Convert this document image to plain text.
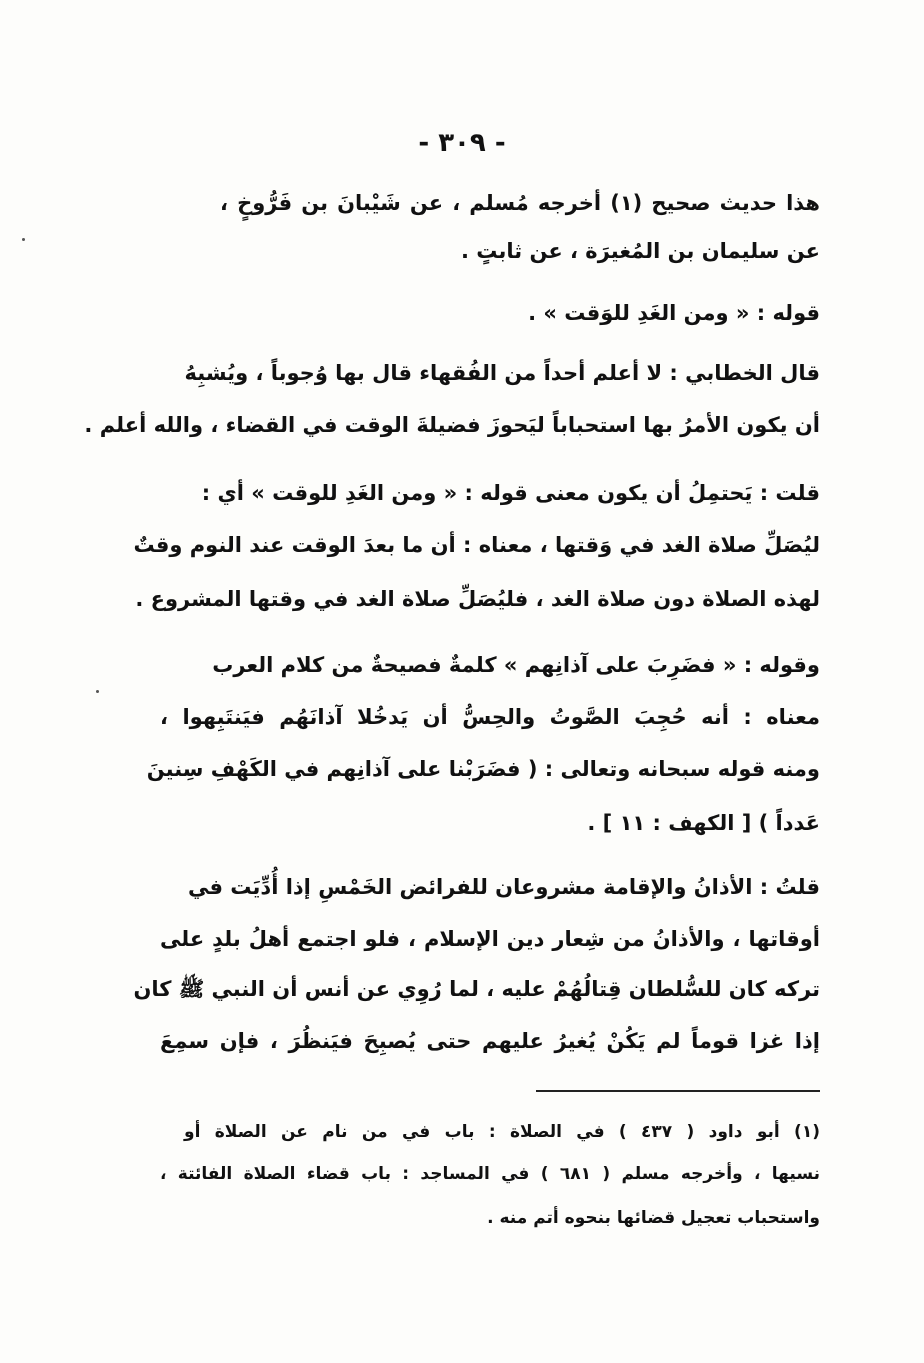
- ٣٠٩ -
هذا حديث صحيح (١) أخرجه مُسلم ، عن شَيْبانَ بن فَرُّوخٍ ،
عن سليمان بن المُغيرَة ، عن ثابتٍ .
قوله : « ومن الغَدِ للوَقت » .
قال الخطابي : لا أعلم أحداً من الفُقهاء قال بها وُجوباً ، ويُشبِهُ
أن يكون الأمرُ بها استحباباً ليَحوزَ فضيلةَ الوقت في القضاء ، والله أعلم .
قلت : يَحتمِلُ أن يكون معنى قوله : « ومن الغَدِ للوقت » أي :
ليُصَلِّ صلاة الغد في وَقتها ، معناه : أن ما بعدَ الوقت عند النوم وقتٌ
لهذه الصلاة دون صلاة الغد ، فليُصَلِّ صلاة الغد في وقتها المشروع .
وقوله : « فضَرِبَ على آذانِهم » كلمةٌ فصيحةٌ من كلام العرب
معناه : أنه حُجِبَ الصَّوتُ والحِسُّ أن يَدخُلا آذانَهُم فيَنتَبِهوا ،
ومنه قوله سبحانه وتعالى : ( فضَرَبْنا على آذانِهم في الكَهْفِ سِنينَ
عَدداً ) [ الكهف : ١١ ] .
قلتُ : الأذانُ والإقامة مشروعان للفرائض الخَمْسِ إذا أُدِّيَت في
أوقاتها ، والأذانُ من شِعار دين الإسلام ، فلو اجتمع أهلُ بلدٍ على
تركه كان للسُّلطان قِتالُهُمْ عليه ، لما رُوِي عن أنس أن النبي ﷺ كان
إذا غزا قوماً لم يَكُنْ يُغيرُ عليهم حتى يُصبِحَ فيَنظُرَ ، فإن سمِعَ
(١) أبو داود ( ٤٣٧ ) في الصلاة : باب في من نام عن الصلاة أو
نسيها ، وأخرجه مسلم ( ٦٨١ ) في المساجد : باب قضاء الصلاة الفائتة ،
واستحباب تعجيل قضائها بنحوه أتم منه .
